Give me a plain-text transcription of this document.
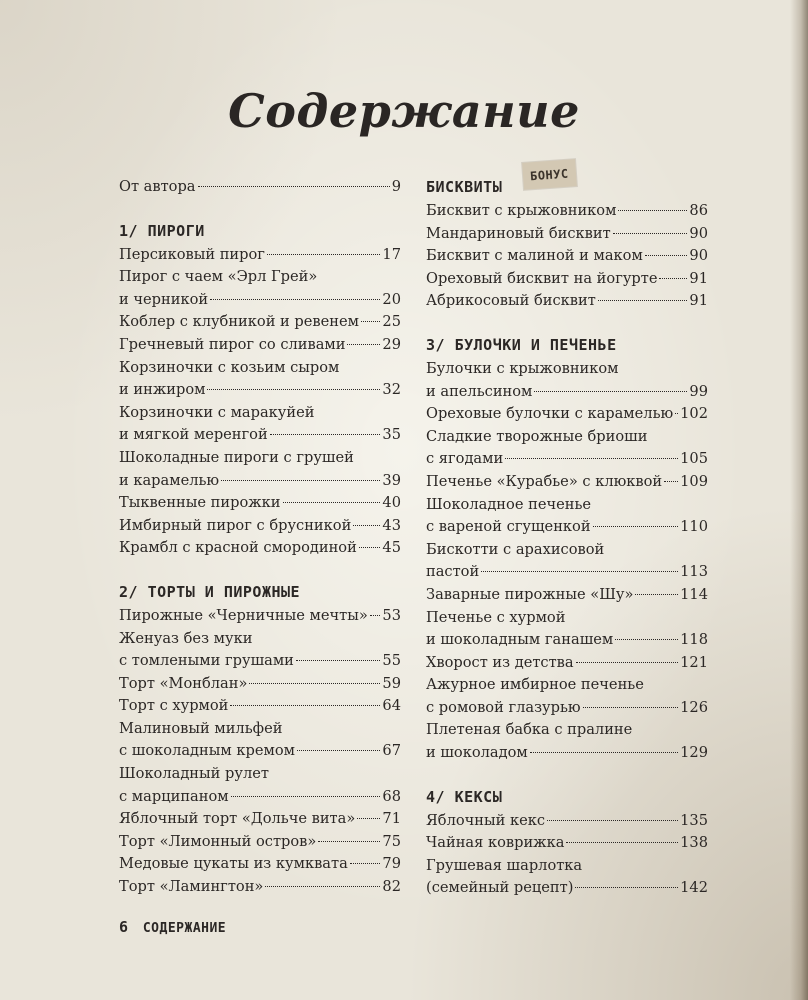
Содержание
От автора	9
1/ ПИРОГИ
Персиковый пирог	17
Пирог с чаем «Эрл Грей»
и черникой	20
Коблер с клубникой и ревенем 25
Гречневый пирог со сливами	29
Корзиночки с козьим сыром
и инжиром	32
Корзиночки с маракуйей
и мягкой меренгой	35
Шоколадные пироги с грушей
и карамелью	39
Тыквенные пирожки	40
Имбирный пирог с брусникой 43
Крамбл с красной смородиной 45
2/ ТОРТЫ И ПИРОЖНЫЕ
Пирожные «Черничные мечты» 53
Женуаз без муки
с томлеными грушами	55
Торт «Монблан»	59
Торт с хурмой	64
Малиновый мильфей
с шоколадным кремом	67
Шоколадный рулет
с марципаном	68
Яблочный торт «Дольче вита» 71
Торт «Лимонный остров»	75
Медовые цукаты из кумквата 79
Торт «Ламингтон»	82
БИСКВИТЫ
БОНУС
Бисквит с крыжовником	86
Мандариновый бисквит	90
Бисквит с малиной и маком	90
Ореховый бисквит на йогурте 91
Абрикосовый бисквит	91
3/ БУЛОЧКИ И ПЕЧЕНЬЕ
Булочки с крыжовником
и апельсином	99
Ореховые булочки с карамелью 102
Сладкие творожные бриоши
с ягодами	105
Печенье «Курабье» с клюквой 109
Шоколадное печенье
с вареной сгущенкой	110
Бискотти с арахисовой
пастой	113
Заварные пирожные «Шу»	114
Печенье с хурмой
и шоколадным ганашем	118
Хворост из детства	121
Ажурное имбирное печенье
с ромовой глазурью	126
Плетеная бабка с пралине
и шоколадом	129
4/ КЕКСЫ
Яблочный кекс	135
Чайная коврижка	138
Грушевая шарлотка
(семейный рецепт)	142
6 СОДЕРЖАНИЕ
